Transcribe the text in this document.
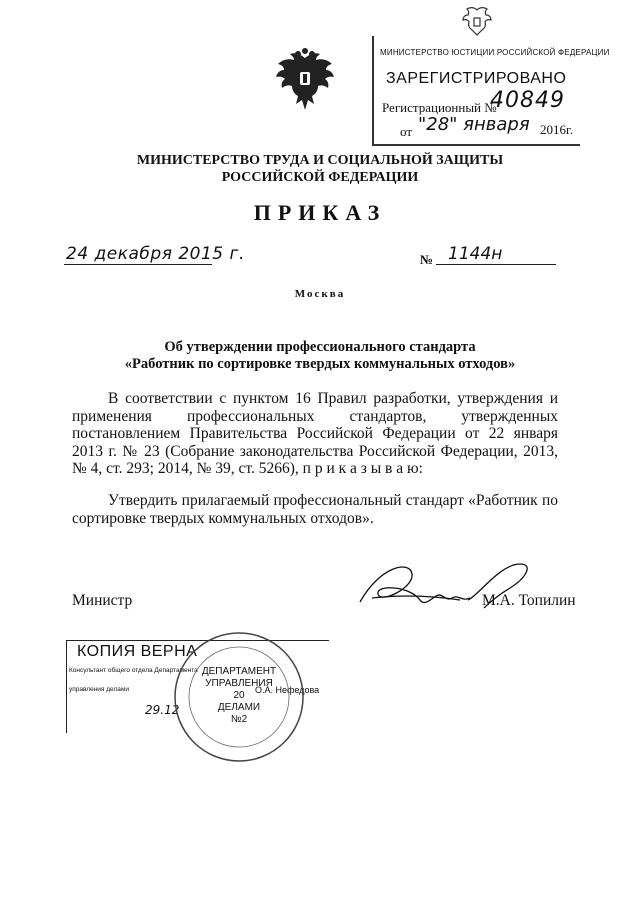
МИНИСТЕРСТВО ЮСТИЦИИ РОССИЙСКОЙ ФЕДЕРАЦИИ
ЗАРЕГИСТРИРОВАНО
Регистрационный №
40849
от "28" января 2016г.
МИНИСТЕРСТВО ТРУДА И СОЦИАЛЬНОЙ ЗАЩИТЫ
РОССИЙСКОЙ ФЕДЕРАЦИИ
ПРИКАЗ
24 декабря 2015 г.	№ 1144н
Москва
Об утверждении профессионального стандарта
«Работник по сортировке твердых коммунальных отходов»
В соответствии с пунктом 16 Правил разработки, утверждения и применения профессиональных стандартов, утвержденных постановлением Правительства Российской Федерации от 22 января 2013 г. № 23 (Собрание законодательства Российской Федерации, 2013, № 4, ст. 293; 2014, № 39, ст. 5266), п р и к а з ы в а ю:
Утвердить прилагаемый профессиональный стандарт «Работник по сортировке твердых коммунальных отходов».
Министр	М.А. Топилин
КОПИЯ ВЕРНА
Консультант общего отдела Департамента
управления делами	О.А. Нефедова
29.12
ДЕПАРТАМЕНТ
УПРАВЛЕНИЯ
20
ДЕЛАМИ
№2
